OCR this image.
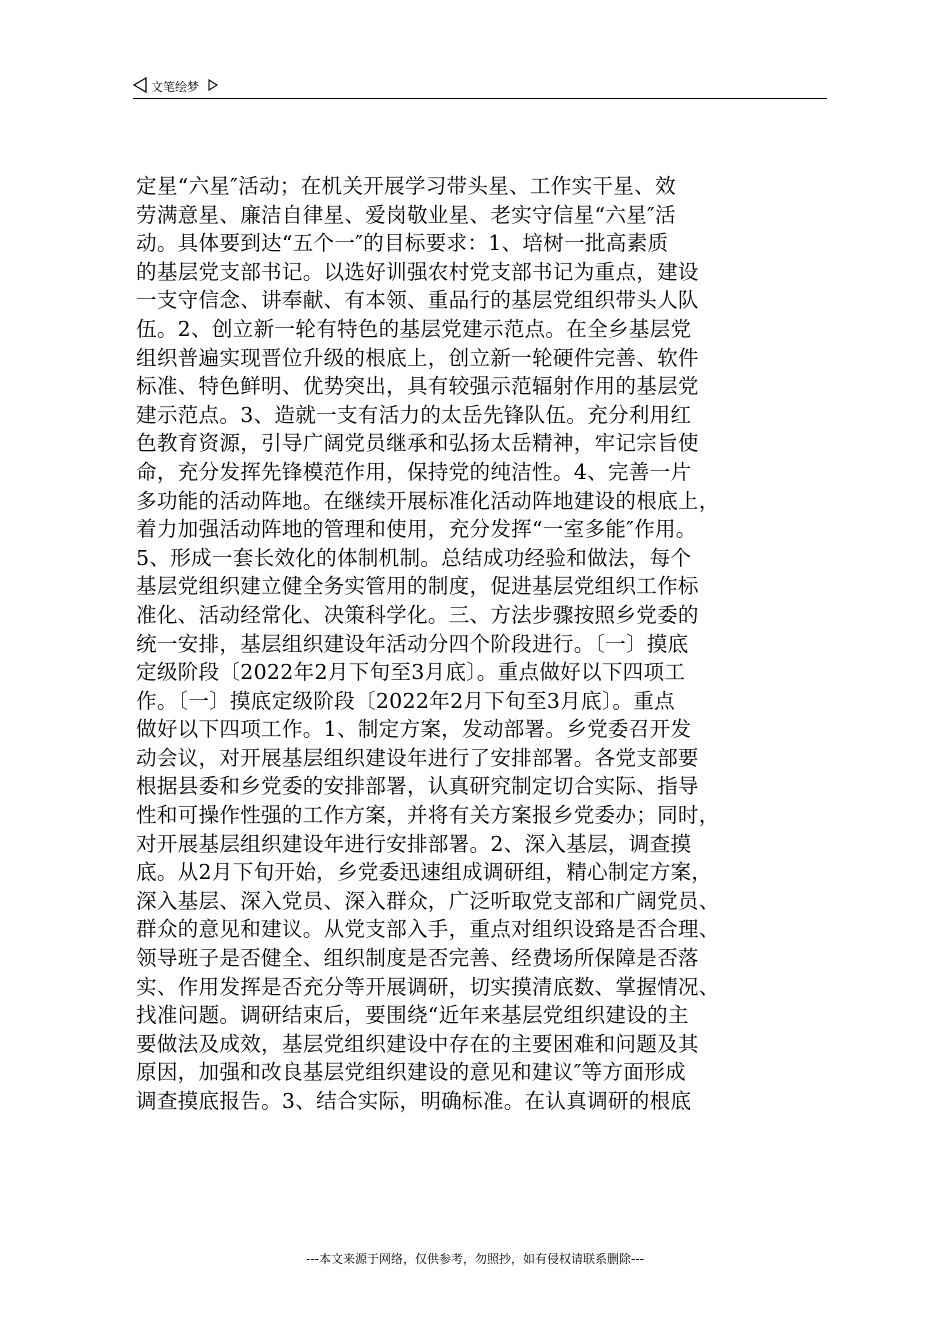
文笔绘梦
定星“六星″活动；在机关开展学习带头星、工作实干星、效
劳满意星、廉洁自律星、爱岗敬业星、老实守信星“六星″活
动。具体要到达“五个一″的目标要求：1、培树一批高素质
的基层党支部书记。以选好训强农村党支部书记为重点，建设
一支守信念、讲奉献、有本领、重品行的基层党组织带头人队
伍。2、创立新一轮有特色的基层党建示范点。在全乡基层党
组织普遍实现晋位升级的根底上，创立新一轮硬件完善、软件
标准、特色鲜明、优势突出，具有较强示范辐射作用的基层党
建示范点。3、造就一支有活力的太岳先锋队伍。充分利用红
色教育资源，引导广阔党员继承和弘扬太岳精神，牢记宗旨使
命，充分发挥先锋模范作用，保持党的纯洁性。4、完善一片
多功能的活动阵地。在继续开展标准化活动阵地建设的根底上，
着力加强活动阵地的管理和使用，充分发挥“一室多能″作用。
5、形成一套长效化的体制机制。总结成功经验和做法，每个
基层党组织建立健全务实管用的制度，促进基层党组织工作标
准化、活动经常化、决策科学化。三、方法步骤按照乡党委的
统一安排，基层组织建设年活动分四个阶段进行。〔一〕摸底
定级阶段〔2022年2月下旬至3月底〕。重点做好以下四项工
作。〔一〕摸底定级阶段〔2022年2月下旬至3月底〕。重点
做好以下四项工作。1、制定方案，发动部署。乡党委召开发
动会议，对开展基层组织建设年进行了安排部署。各党支部要
根据县委和乡党委的安排部署，认真研究制定切合实际、指导
性和可操作性强的工作方案，并将有关方案报乡党委办；同时，
对开展基层组织建设年进行安排部署。2、深入基层，调查摸
底。从2月下旬开始，乡党委迅速组成调研组，精心制定方案，
深入基层、深入党员、深入群众，广泛听取党支部和广阔党员、
群众的意见和建议。从党支部入手，重点对组织设臵是否合理、
领导班子是否健全、组织制度是否完善、经费场所保障是否落
实、作用发挥是否充分等开展调研，切实摸清底数、掌握情况、
找准问题。调研结束后，要围绕“近年来基层党组织建设的主
要做法及成效，基层党组织建设中存在的主要困难和问题及其
原因，加强和改良基层党组织建设的意见和建议″等方面形成
调查摸底报告。3、结合实际，明确标准。在认真调研的根底
---本文来源于网络，仅供参考，勿照抄，如有侵权请联系删除---
